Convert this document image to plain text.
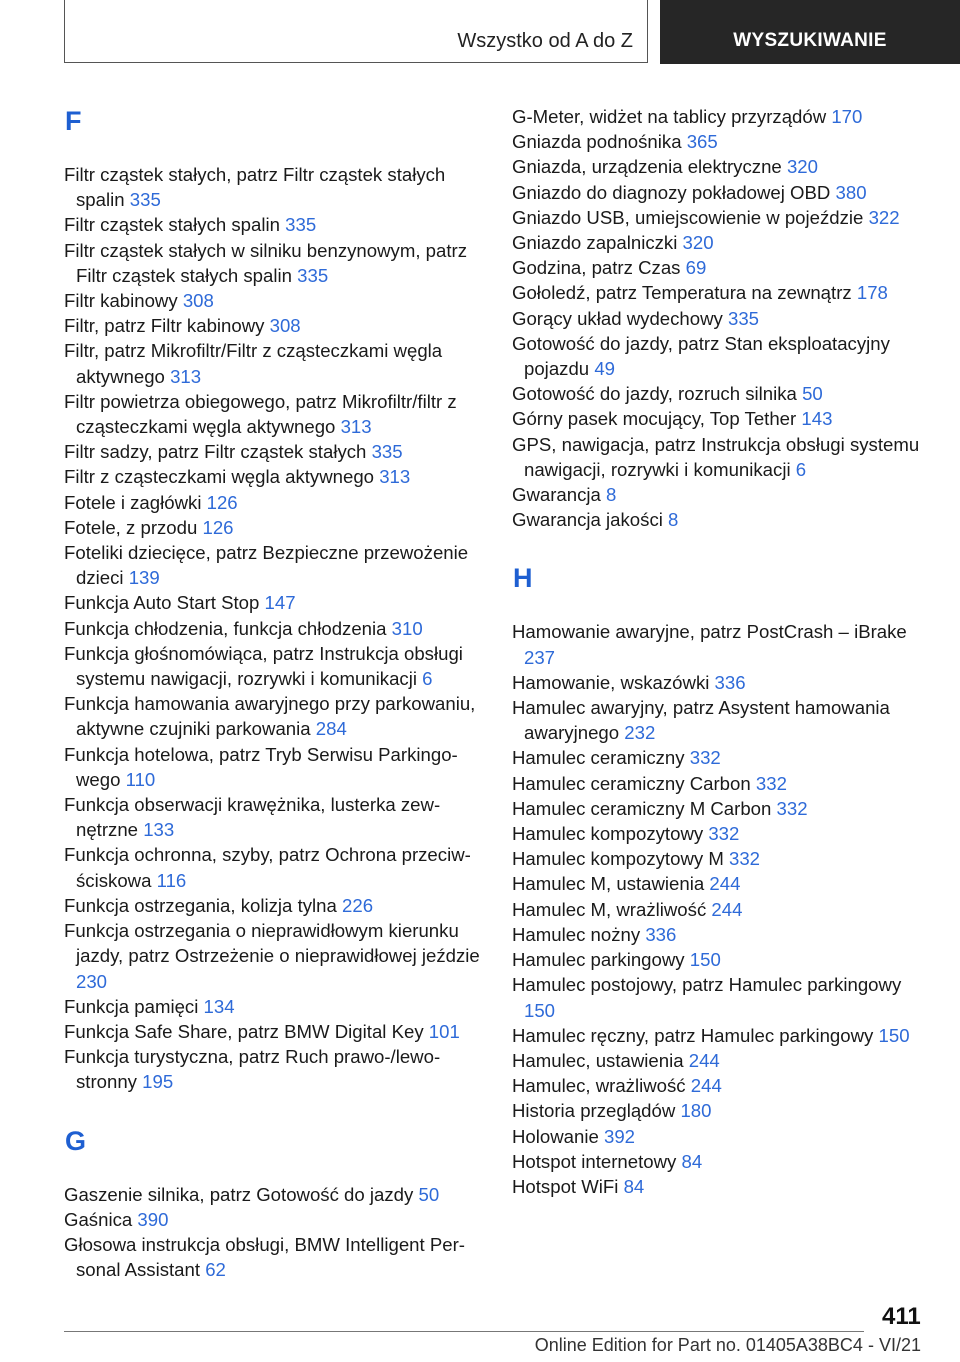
Wszystko od A do Z	WYSZUKIWANIE
F
Filtr cząstek stałych, patrz Filtr cząstek stałych spalin 335
Filtr cząstek stałych spalin 335
Filtr cząstek stałych w silniku benzynowym, patrz Filtr cząstek stałych spalin 335
Filtr kabinowy 308
Filtr, patrz Filtr kabinowy 308
Filtr, patrz Mikrofiltr/Filtr z cząsteczkami węgla aktywnego 313
Filtr powietrza obiegowego, patrz Mikrofiltr/filtr z cząsteczkami węgla aktywnego 313
Filtr sadzy, patrz Filtr cząstek stałych 335
Filtr z cząsteczkami węgla aktywnego 313
Fotele i zagłówki 126
Fotele, z przodu 126
Foteliki dziecięce, patrz Bezpieczne przewożenie dzieci 139
Funkcja Auto Start Stop 147
Funkcja chłodzenia, funkcja chłodzenia 310
Funkcja głośnomówiąca, patrz Instrukcja obsługi systemu nawigacji, rozrywki i komunikacji 6
Funkcja hamowania awaryjnego przy parkowaniu, aktywne czujniki parkowania 284
Funkcja hotelowa, patrz Tryb Serwisu Parkingowego 110
Funkcja obserwacji krawężnika, lusterka zewnętrzne 133
Funkcja ochronna, szyby, patrz Ochrona przeciwściskowa 116
Funkcja ostrzegania, kolizja tylna 226
Funkcja ostrzegania o nieprawidłowym kierunku jazdy, patrz Ostrzeżenie o nieprawidłowej jeździe 230
Funkcja pamięci 134
Funkcja Safe Share, patrz BMW Digital Key 101
Funkcja turystyczna, patrz Ruch prawo-/lewostronny 195
G
Gaszenie silnika, patrz Gotowość do jazdy 50
Gaśnica 390
Głosowa instrukcja obsługi, BMW Intelligent Personal Assistant 62
G-Meter, widżet na tablicy przyrządów 170
Gniazda podnośnika 365
Gniazda, urządzenia elektryczne 320
Gniazdo do diagnozy pokładowej OBD 380
Gniazdo USB, umiejscowienie w pojeździe 322
Gniazdo zapalniczki 320
Godzina, patrz Czas 69
Gołoledź, patrz Temperatura na zewnątrz 178
Gorący układ wydechowy 335
Gotowość do jazdy, patrz Stan eksploatacyjny pojazdu 49
Gotowość do jazdy, rozruch silnika 50
Górny pasek mocujący, Top Tether 143
GPS, nawigacja, patrz Instrukcja obsługi systemu nawigacji, rozrywki i komunikacji 6
Gwarancja 8
Gwarancja jakości 8
H
Hamowanie awaryjne, patrz PostCrash – iBrake 237
Hamowanie, wskazówki 336
Hamulec awaryjny, patrz Asystent hamowania awaryjnego 232
Hamulec ceramiczny 332
Hamulec ceramiczny Carbon 332
Hamulec ceramiczny M Carbon 332
Hamulec kompozytowy 332
Hamulec kompozytowy M 332
Hamulec M, ustawienia 244
Hamulec M, wrażliwość 244
Hamulec nożny 336
Hamulec parkingowy 150
Hamulec postojowy, patrz Hamulec parkingowy 150
Hamulec ręczny, patrz Hamulec parkingowy 150
Hamulec, ustawienia 244
Hamulec, wrażliwość 244
Historia przeglądów 180
Holowanie 392
Hotspot internetowy 84
Hotspot WiFi 84
411
Online Edition for Part no. 01405A38BC4 - VI/21
